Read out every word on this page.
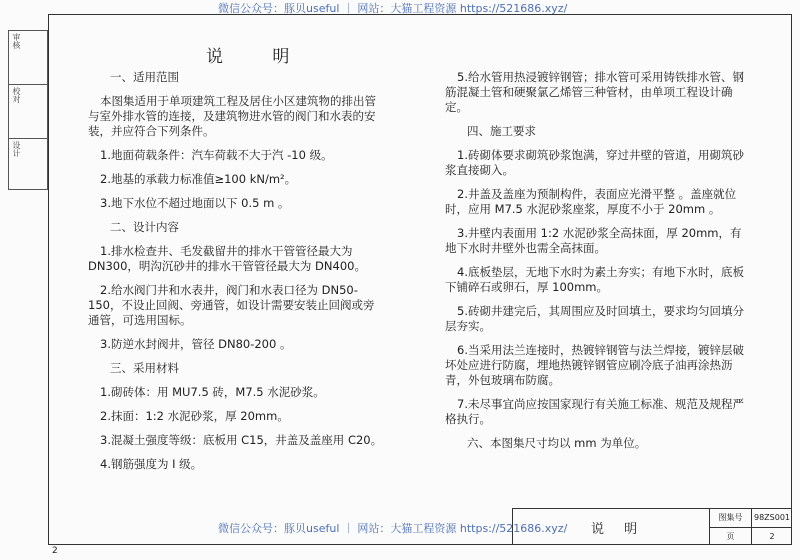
审核
校对
设计
微信公众号：豚贝useful ｜ 网站：大猫工程资源 https://521686.xyz/
说 明

一、适用范围

本图集适用于单项建筑工程及居住小区建筑物的排出管与室外排水管的连接，及建筑物进水管的阀门和水表的安装，并应符合下列条件。

1.地面荷载条件：汽车荷载不大于汽 -10 级。

2.地基的承载力标准值≥100 kN/m²。

3.地下水位不超过地面以下 0.5 m 。

二、设计内容

1.排水检查井、毛发截留井的排水干管管径最大为 DN300，明沟沉砂井的排水干管管径最大为 DN400。

2.给水阀门井和水表井，阀门和水表口径为 DN50-150，不设止回阀、旁通管，如设计需要安装止回阀或旁通管，可选用国标。

3.防逆水封阀井，管径 DN80-200 。

三、采用材料

1.砌砖体：用 MU7.5 砖，M7.5 水泥砂浆。

2.抹面：1:2 水泥砂浆，厚 20mm。

3.混凝土强度等级：底板用 C15，井盖及盖座用 C20。

4.钢筋强度为 I 级。

5.给水管用热浸镀锌钢管；排水管可采用铸铁排水管、钢筋混凝土管和硬聚氯乙烯管三种管材，由单项工程设计确定。

四、施工要求

1.砖砌体要求砌筑砂浆饱满，穿过井壁的管道，用砌筑砂浆直接砌入。

2.井盖及盖座为预制构件，表面应光滑平整 。盖座就位时，应用 M7.5 水泥砂浆座浆，厚度不小于 20mm 。

3.井壁内表面用 1:2 水泥砂浆全高抹面，厚 20mm，有地下水时井壁外也需全高抹面。

4.底板垫层，无地下水时为素土夯实；有地下水时，底板下铺碎石或卵石，厚 100mm。

5.砖砌井建完后，其周围应及时回填土，要求均匀回填分层夯实。

6.当采用法兰连接时，热镀锌钢管与法兰焊接，镀锌层破坏处应进行防腐，埋地热镀锌钢管应刷冷底子油再涂热沥青，外包玻璃布防腐。

7.未尽事宜尚应按国家现行有关施工标准、规范及规程严格执行。

六、本图集尺寸均以 mm 为单位。

说 明
图集号	98ZS001
页	2
微信公众号：豚贝useful ｜ 网站：大猫工程资源 https://521686.xyz/
2
